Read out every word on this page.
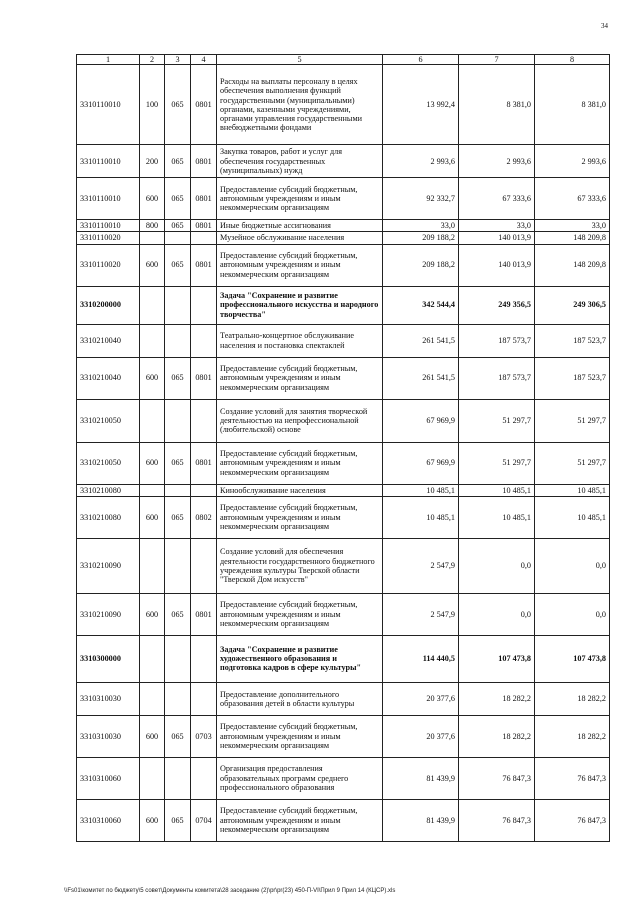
34
1	2	3	4	5	6	7	8
3310110010	100	065	0801	Расходы на выплаты персоналу в целях обеспечения выполнения функций государственными (муниципальными) органами, казенными учреждениями, органами управления государственными внебюджетными фондами	13 992,4	8 381,0	8 381,0
3310110010	200	065	0801	Закупка товаров, работ и услуг для обеспечения государственных (муниципальных) нужд	2 993,6	2 993,6	2 993,6
3310110010	600	065	0801	Предоставление субсидий бюджетным, автономным учреждениям и иным некоммерческим организациям	92 332,7	67 333,6	67 333,6
3310110010	800	065	0801	Иные бюджетные ассигнования	33,0	33,0	33,0
3310110020				Музейное обслуживание населения	209 188,2	140 013,9	148 209,8
3310110020	600	065	0801	Предоставление субсидий бюджетным, автономным учреждениям и иным некоммерческим организациям	209 188,2	140 013,9	148 209,8
3310200000				Задача "Сохранение и развитие профессионального искусства и народного творчества"	342 544,4	249 356,5	249 306,5
3310210040				Театрально-концертное обслуживание населения и постановка спектаклей	261 541,5	187 573,7	187 523,7
3310210040	600	065	0801	Предоставление субсидий бюджетным, автономным учреждениям и иным некоммерческим организациям	261 541,5	187 573,7	187 523,7
3310210050				Создание условий для занятия творческой деятельностью на непрофессиональной (любительской) основе	67 969,9	51 297,7	51 297,7
3310210050	600	065	0801	Предоставление субсидий бюджетным, автономным учреждениям и иным некоммерческим организациям	67 969,9	51 297,7	51 297,7
3310210080				Кинообслуживание населения	10 485,1	10 485,1	10 485,1
3310210080	600	065	0802	Предоставление субсидий бюджетным, автономным учреждениям и иным некоммерческим организациям	10 485,1	10 485,1	10 485,1
3310210090				Создание условий для обеспечения деятельности государственного бюджетного учреждения культуры Тверской области "Тверской Дом искусств"	2 547,9	0,0	0,0
3310210090	600	065	0801	Предоставление субсидий бюджетным, автономным учреждениям и иным некоммерческим организациям	2 547,9	0,0	0,0
3310300000				Задача "Сохранение и развитие художественного образования и подготовка кадров в сфере культуры"	114 440,5	107 473,8	107 473,8
3310310030				Предоставление дополнительного образования детей в области культуры	20 377,6	18 282,2	18 282,2
3310310030	600	065	0703	Предоставление субсидий бюджетным, автономным учреждениям и иным некоммерческим организациям	20 377,6	18 282,2	18 282,2
3310310060				Организация предоставления образовательных программ среднего профессионального образования	81 439,9	76 847,3	76 847,3
3310310060	600	065	0704	Предоставление субсидий бюджетным, автономным учреждениям и иным некоммерческим организациям	81 439,9	76 847,3	76 847,3
\\Fs01\комитет по бюджету\5 совет\Документы комитета\28 заседание (2)\pr\pr(23) 450-П-VI\Прил 9 Прил 14 (КЦСР).xls
